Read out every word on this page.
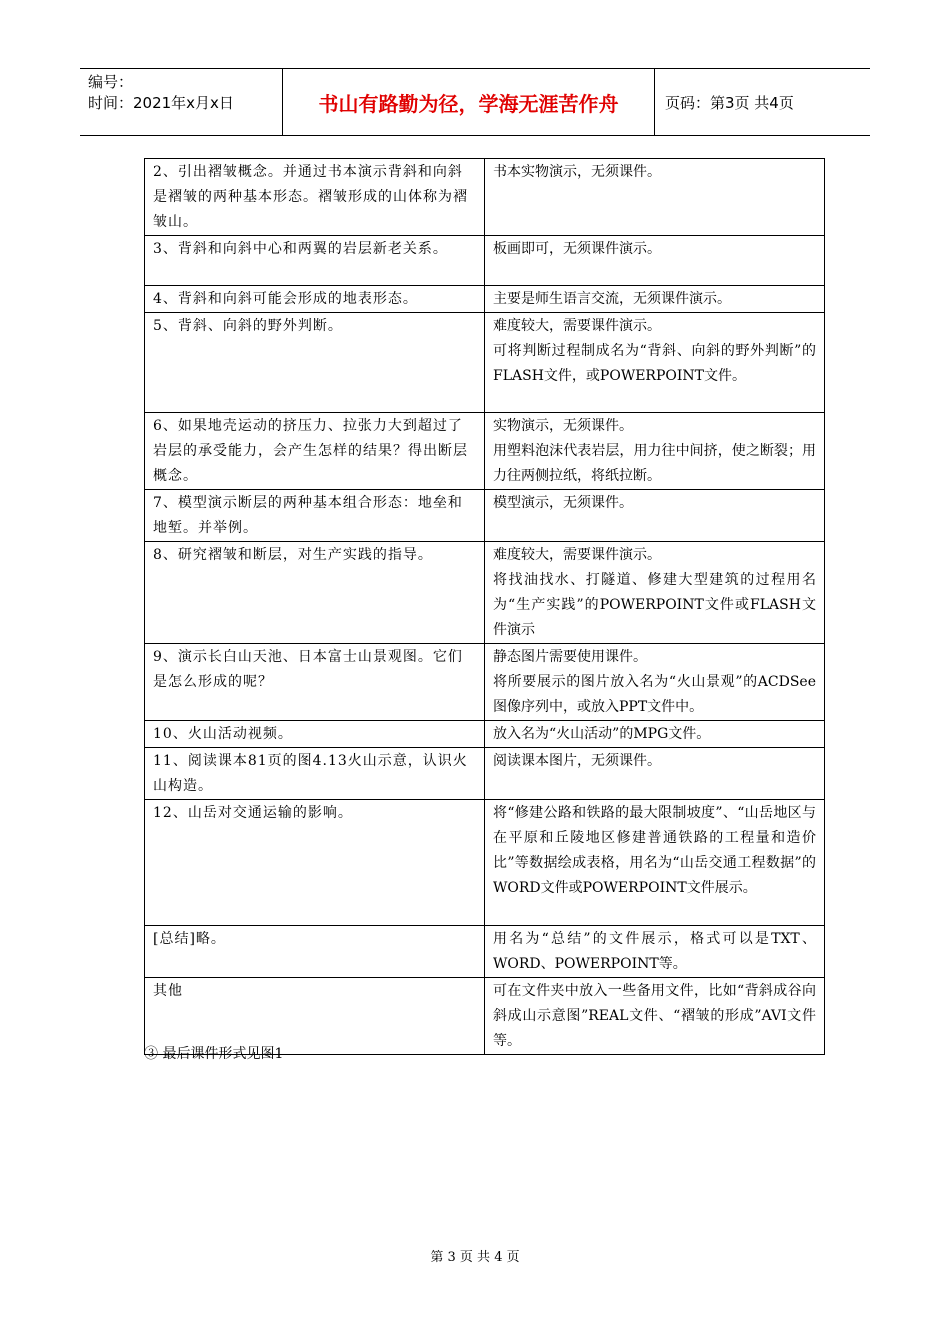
编号：
时间：2021年x月x日	书山有路勤为径，学海无涯苦作舟	页码：第3页 共4页
2、引出褶皱概念。并通过书本演示背斜和向斜是褶皱的两种基本形态。褶皱形成的山体称为褶皱山。	书本实物演示，无须课件。

3、背斜和向斜中心和两翼的岩层新老关系。	板画即可，无须课件演示。

4、背斜和向斜可能会形成的地表形态。	主要是师生语言交流，无须课件演示。

5、背斜、向斜的野外判断。	难度较大，需要课件演示。
可将判断过程制成名为“背斜、向斜的野外判断”的FLASH文件，或POWERPOINT文件。

6、如果地壳运动的挤压力、拉张力大到超过了岩层的承受能力，会产生怎样的结果？得出断层概念。	实物演示，无须课件。
用塑料泡沫代表岩层，用力往中间挤，使之断裂；用力往两侧拉纸，将纸拉断。

7、模型演示断层的两种基本组合形态：地垒和地堑。并举例。	模型演示，无须课件。

8、研究褶皱和断层，对生产实践的指导。	难度较大，需要课件演示。
将找油找水、打隧道、修建大型建筑的过程用名为“生产实践”的POWERPOINT文件或FLASH文件演示

9、演示长白山天池、日本富士山景观图。它们是怎么形成的呢？	静态图片需要使用课件。
将所要展示的图片放入名为“火山景观”的ACDSee图像序列中，或放入PPT文件中。

10、火山活动视频。	放入名为“火山活动”的MPG文件。

11、阅读课本81页的图4.13火山示意，认识火山构造。	阅读课本图片，无须课件。

12、山岳对交通运输的影响。	将“修建公路和铁路的最大限制坡度”、“山岳地区与在平原和丘陵地区修建普通铁路的工程量和造价比”等数据绘成表格，用名为“山岳交通工程数据”的WORD文件或POWERPOINT文件展示。

[总结]略。	用名为“总结”的文件展示，格式可以是TXT、WORD、POWERPOINT等。

其他	可在文件夹中放入一些备用文件，比如“背斜成谷向斜成山示意图”REAL文件、“褶皱的形成”AVI文件等。
③ 最后课件形式见图1
第 3 页 共 4 页
